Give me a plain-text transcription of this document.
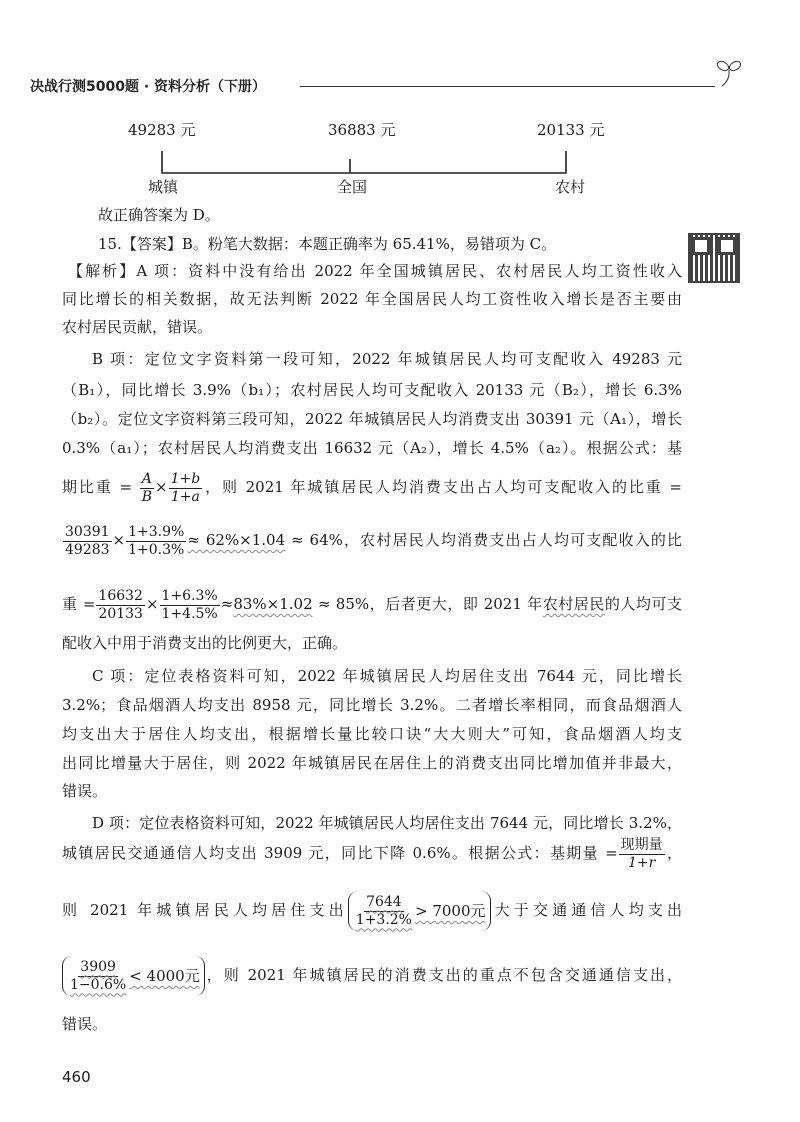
决战行测5000题 · 资料分析（下册）
49283 元	36883 元	20133 元
城镇	全国	农村
故正确答案为 D。
15.【答案】B。粉笔大数据：本题正确率为 65.41%，易错项为 C。
【解析】A 项：资料中没有给出 2022 年全国城镇居民、农村居民人均工资性收入
同比增长的相关数据，故无法判断 2022 年全国居民人均工资性收入增长是否主要由
农村居民贡献，错误。
B 项：定位文字资料第一段可知，2022 年城镇居民人均可支配收入 49283 元
（B₁），同比增长 3.9%（b₁）；农村居民人均可支配收入 20133 元（B₂），增长 6.3%
（b₂）。定位文字资料第三段可知，2022 年城镇居民人均消费支出 30391 元（A₁），增长
0.3%（a₁）；农村居民人均消费支出 16632 元（A₂），增长 4.5%（a₂）。根据公式：基
期比重 = $\frac{A}{B} \times \frac{1+b}{1+a}$ ，则 2021 年城镇居民人均消费支出占人均可支配收入的比重 =
$\frac{30391}{49283} \times \frac{1+3.9\%}{1+0.3\%} \approx 62\%\times 1.04 \approx 64\%$，农村居民人均消费支出占人均可支配收入的比
重 = $\frac{16632}{20133} \times \frac{1+6.3\%}{1+4.5\%} \approx 83\%\times 1.02 \approx 85\%$，后者更大，即 2021 年农村居民的人均可支
配收入中用于消费支出的比例更大，正确。
C 项：定位表格资料可知，2022 年城镇居民人均居住支出 7644 元，同比增长
3.2%；食品烟酒人均支出 8958 元，同比增长 3.2%。二者增长率相同，而食品烟酒人
均支出大于居住人均支出，根据增长量比较口诀“大大则大”可知，食品烟酒人均支
出同比增量大于居住，则 2022 年城镇居民在居住上的消费支出同比增加值并非最大，
错误。
D 项：定位表格资料可知，2022 年城镇居民人均居住支出 7644 元，同比增长 3.2%，
城镇居民交通通信人均支出 3909 元，同比下降 0.6%。根据公式：基期量 = $\frac{\text{现期量}}{1+r}$ ，
则 2021 年城镇居民人均居住支出 $\frac{7644}{1+3.2\%} > 7000$元 大于交通通信人均支出
$\frac{3909}{1-0.6\%} < 4000$元 ，则 2021 年城镇居民的消费支出的重点不包含交通通信支出，
错误。
460
